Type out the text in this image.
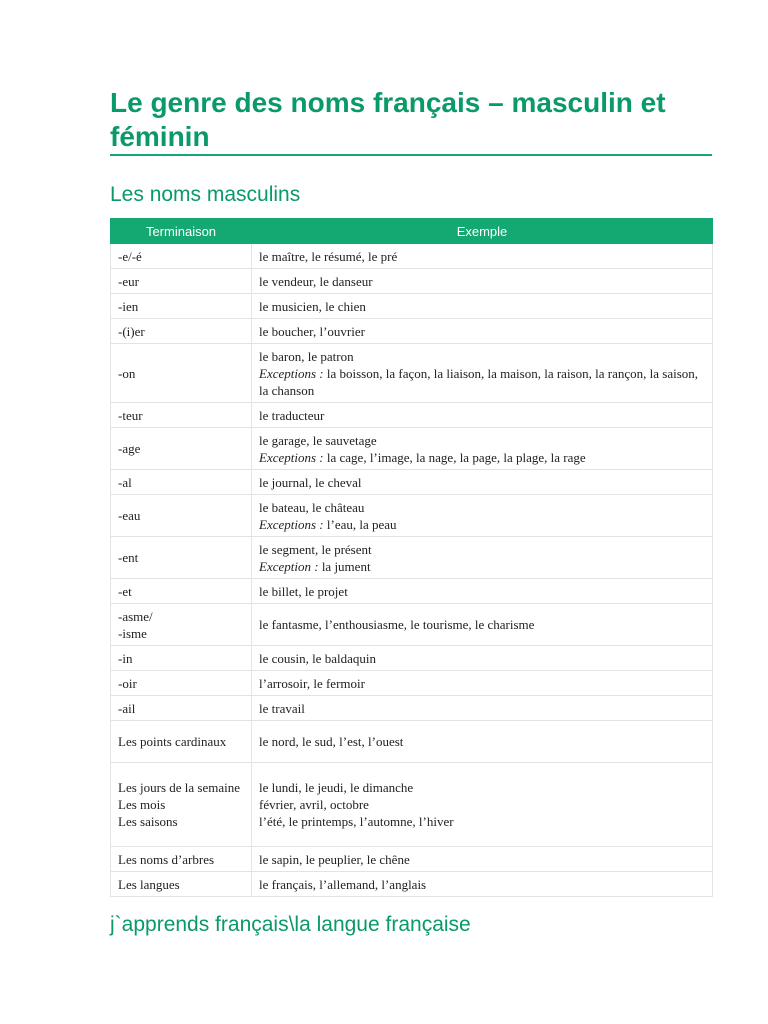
Le genre des noms français – masculin et féminin
Les noms masculins
Terminaison	Exemple

-e/-é	le maître, le résumé, le pré

-eur	le vendeur, le danseur

-ien	le musicien, le chien

-(i)er	le boucher, l’ouvrier

-on	le baron, le patron
Exceptions : la boisson, la façon, la liaison, la maison, la raison, la rançon, la saison, la chanson

-teur	le traducteur

-age	le garage, le sauvetage
Exceptions : la cage, l’image, la nage, la page, la plage, la rage

-al	le journal, le cheval

-eau	le bateau, le château
Exceptions : l’eau, la peau

-ent	le segment, le présent
Exception : la jument

-et	le billet, le projet

-asme/
-isme	le fantasme, l’enthousiasme, le tourisme, le charisme

-in	le cousin, le baldaquin

-oir	l’arrosoir, le fermoir

-ail	le travail

Les points cardinaux	le nord, le sud, l’est, l’ouest

Les jours de la semaine
Les mois
Les saisons	le lundi, le jeudi, le dimanche
février, avril, octobre
l’été, le printemps, l’automne, l’hiver

Les noms d’arbres	le sapin, le peuplier, le chêne

Les langues	le français, l’allemand, l’anglais
j`apprends français\la langue française
